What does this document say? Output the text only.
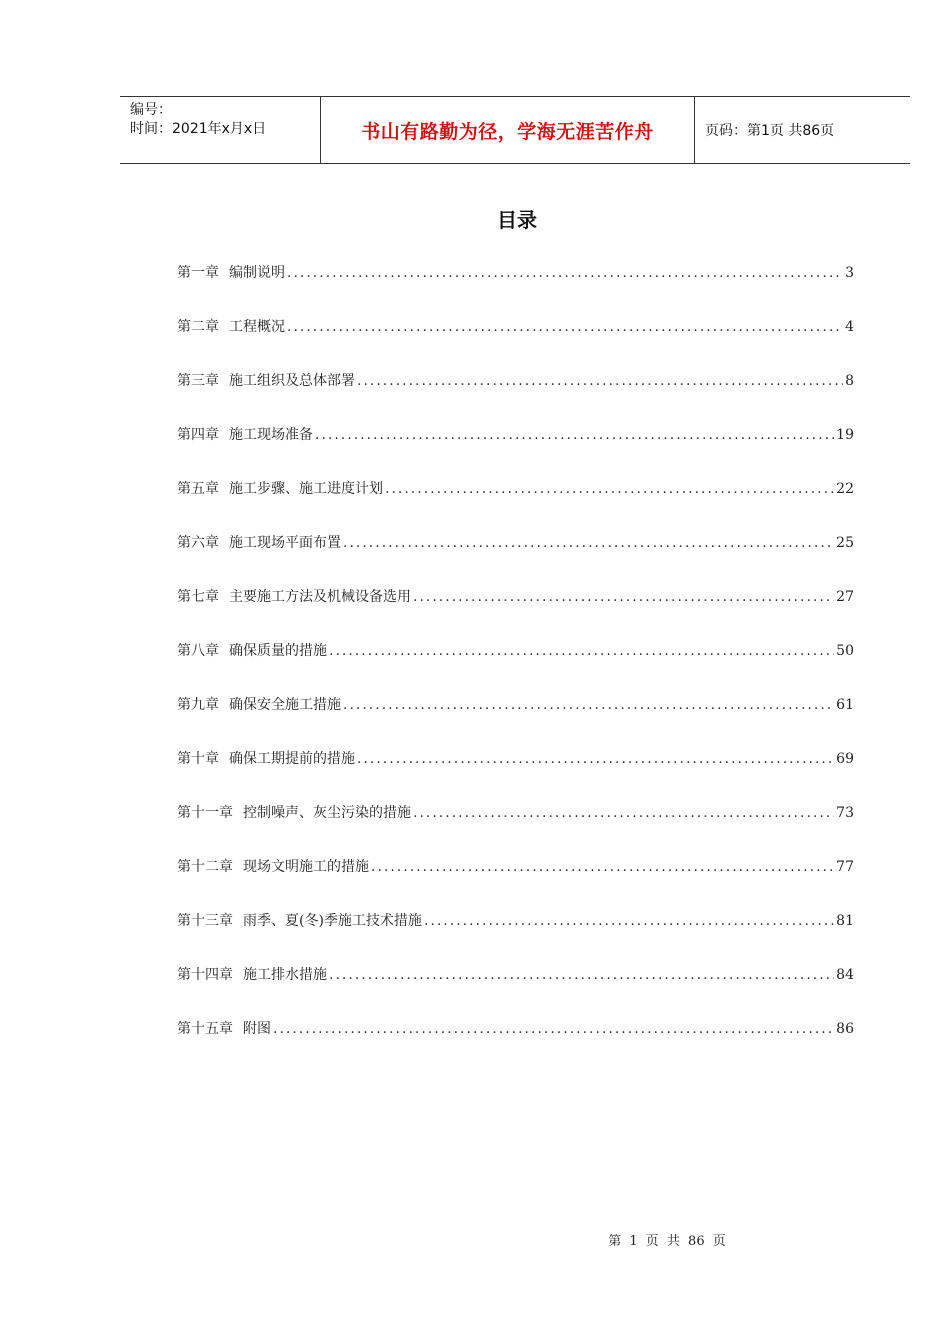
编号：
时间：2021年x月x日	书山有路勤为径，学海无涯苦作舟	页码：第1页 共86页
目录
第一章 编制说明 .....	3
第二章 工程概况 .....	4
第三章 施工组织及总体部署 .....	8
第四章 施工现场准备 .....	19
第五章 施工步骤、施工进度计划 .....	22
第六章 施工现场平面布置 .....	25
第七章 主要施工方法及机械设备选用 .....	27
第八章 确保质量的措施 .....	50
第九章 确保安全施工措施 .....	61
第十章 确保工期提前的措施 .....	69
第十一章 控制噪声、灰尘污染的措施 .....	73
第十二章 现场文明施工的措施 .....	77
第十三章 雨季、夏(冬)季施工技术措施 .....	81
第十四章 施工排水措施 .....	84
第十五章 附图 .....	86
第 1 页 共 86 页
